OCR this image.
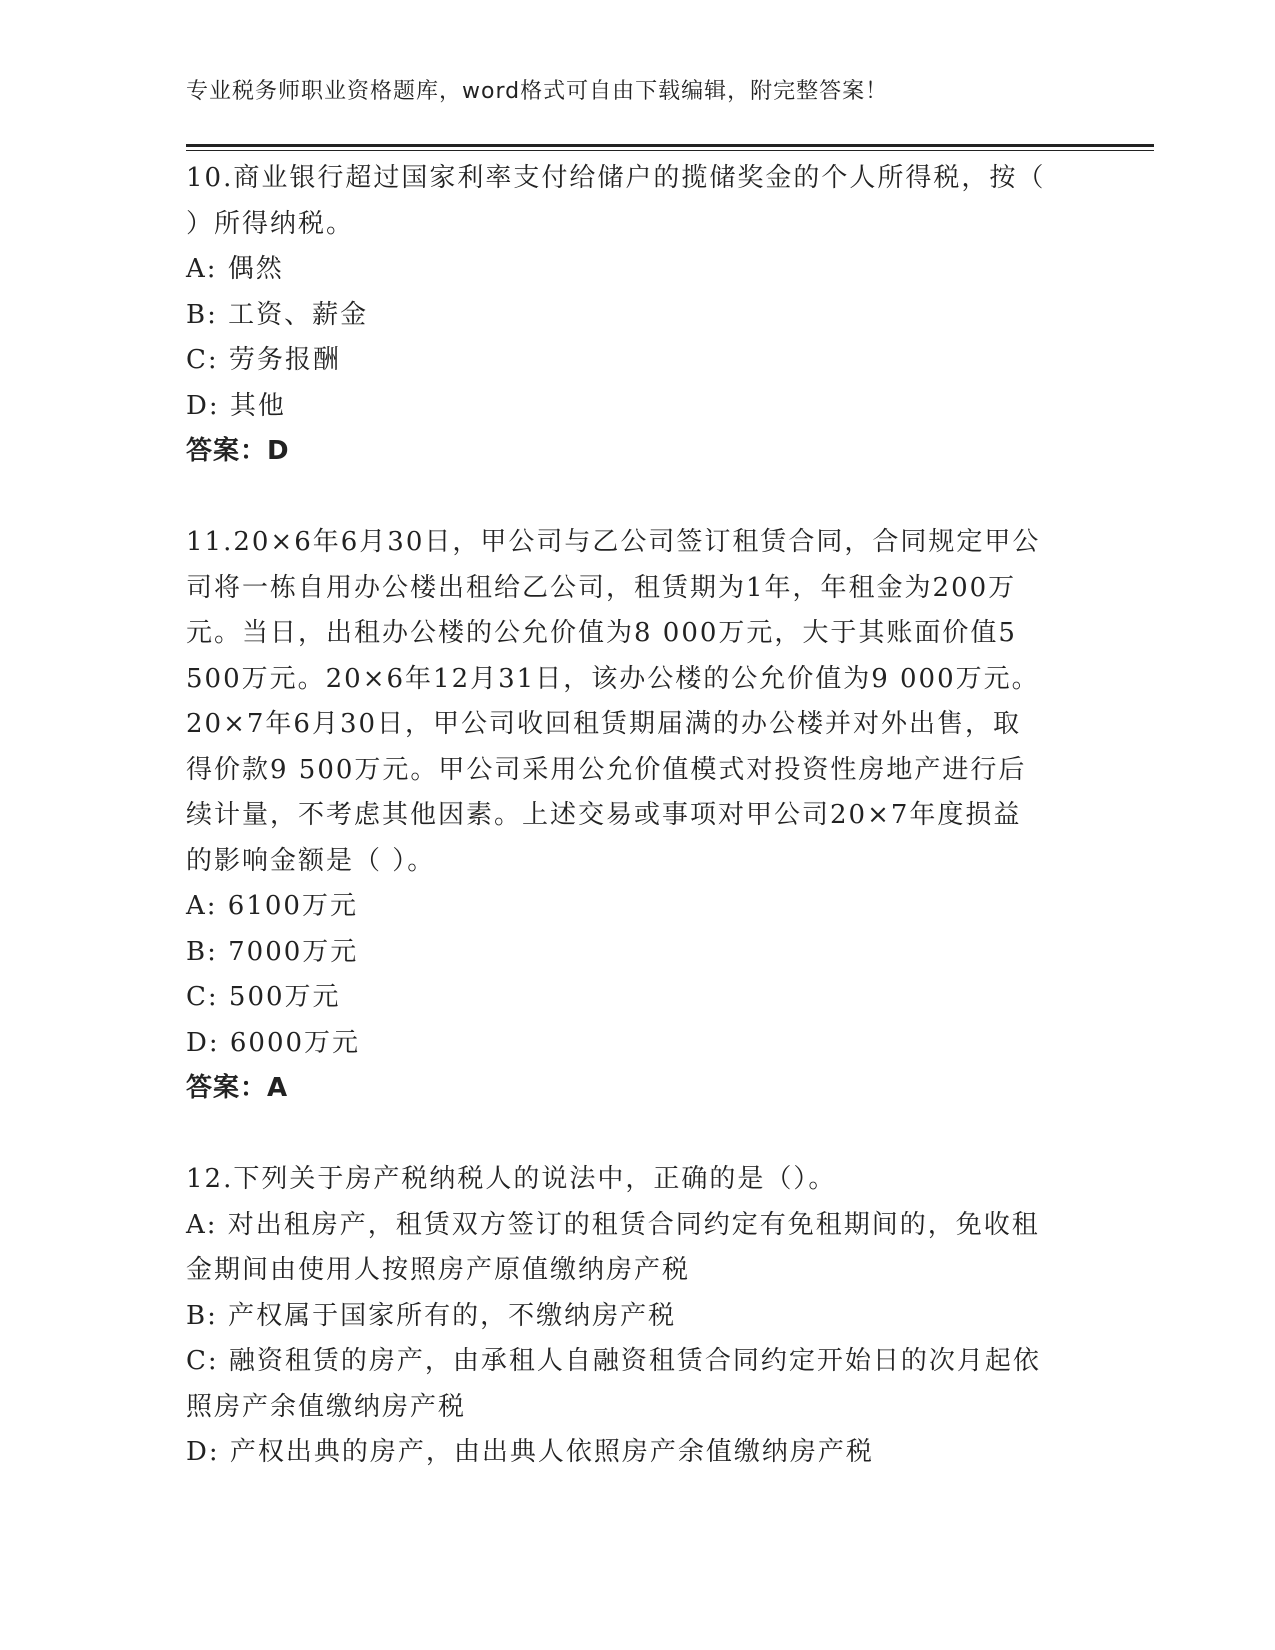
专业税务师职业资格题库，word格式可自由下载编辑，附完整答案！

10.商业银行超过国家利率支付给储户的揽储奖金的个人所得税，按（

）所得纳税。

A: 偶然

B: 工资、薪金

C: 劳务报酬

D: 其他

答案：D

11.20×6年6月30日，甲公司与乙公司签订租赁合同，合同规定甲公

司将一栋自用办公楼出租给乙公司，租赁期为1年，年租金为200万

元。当日，出租办公楼的公允价值为8 000万元，大于其账面价值5

500万元。20×6年12月31日，该办公楼的公允价值为9 000万元。

20×7年6月30日，甲公司收回租赁期届满的办公楼并对外出售，取

得价款9 500万元。甲公司采用公允价值模式对投资性房地产进行后

续计量，不考虑其他因素。上述交易或事项对甲公司20×7年度损益

的影响金额是（ ）。

A: 6100万元

B: 7000万元

C: 500万元

D: 6000万元

答案：A

12.下列关于房产税纳税人的说法中，正确的是（）。

A: 对出租房产，租赁双方签订的租赁合同约定有免租期间的，免收租

金期间由使用人按照房产原值缴纳房产税

B: 产权属于国家所有的，不缴纳房产税

C: 融资租赁的房产，由承租人自融资租赁合同约定开始日的次月起依

照房产余值缴纳房产税

D: 产权出典的房产，由出典人依照房产余值缴纳房产税
